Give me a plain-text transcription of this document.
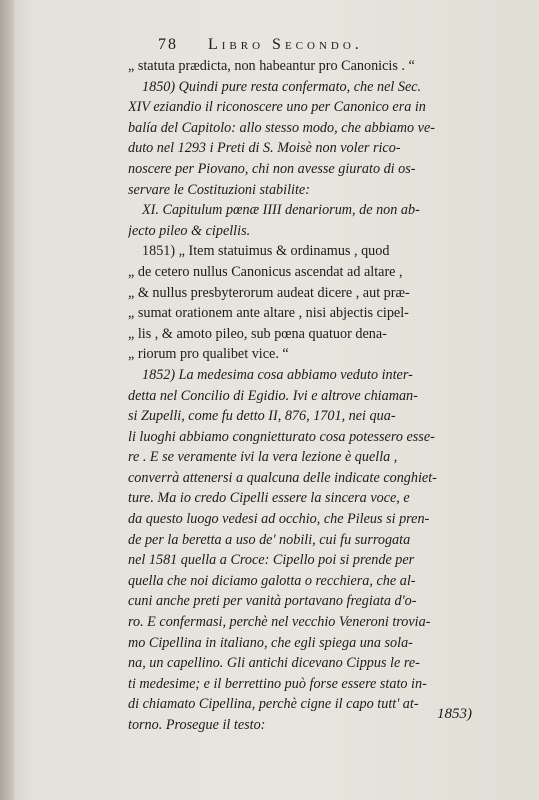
78 Libro Secondo.
„ statuta prædicta, non habeantur pro Canonicis . “
1850) Quindi pure resta confermato, che nel Sec.
XIV eziandio il riconoscere uno per Canonico era in
balía del Capitolo: allo stesso modo, che abbiamo ve-
duto nel 1293 i Preti di S. Moisè non voler rico-
noscere per Piovano, chi non avesse giurato di os-
servare le Costituzioni stabilite:
XI. Capitulum pœnæ IIII denariorum, de non ab-
jecto pileo & cipellis.
1851) „ Item statuimus & ordinamus , quod
„ de cetero nullus Canonicus ascendat ad altare ,
„ & nullus presbyterorum audeat dicere , aut præ-
„ sumat orationem ante altare , nisi abjectis cipel-
„ lis , & amoto pileo, sub pœna quatuor dena-
„ riorum pro qualibet vice. “
1852) La medesima cosa abbiamo veduto inter-
detta nel Concilio di Egidio. Ivi e altrove chiaman-
si Zupelli, come fu detto II, 876, 1701, nei qua-
li luoghi abbiamo congnietturato cosa potessero esse-
re . E se veramente ivi la vera lezione è quella ,
converrà attenersi a qualcuna delle indicate conghiet-
ture. Ma io credo Cipelli essere la sincera voce, e
da questo luogo vedesi ad occhio, che Pileus si pren-
de per la beretta a uso de' nobili, cui fu surrogata
nel 1581 quella a Croce: Cipello poi si prende per
quella che noi diciamo galotta o recchiera, che al-
cuni anche preti per vanità portavano fregiata d'o-
ro. E confermasi, perchè nel vecchio Veneroni troviа-
mo Cipellina in italiano, che egli spiega una sola-
na, un capellino. Gli antichi dicevano Cippus le re-
ti medesime; e il berrettino può forse essere stato in-
di chiamato Cipellina, perchè cigne il capo tutt' at-
torno. Prosegue il testo:
1853)
